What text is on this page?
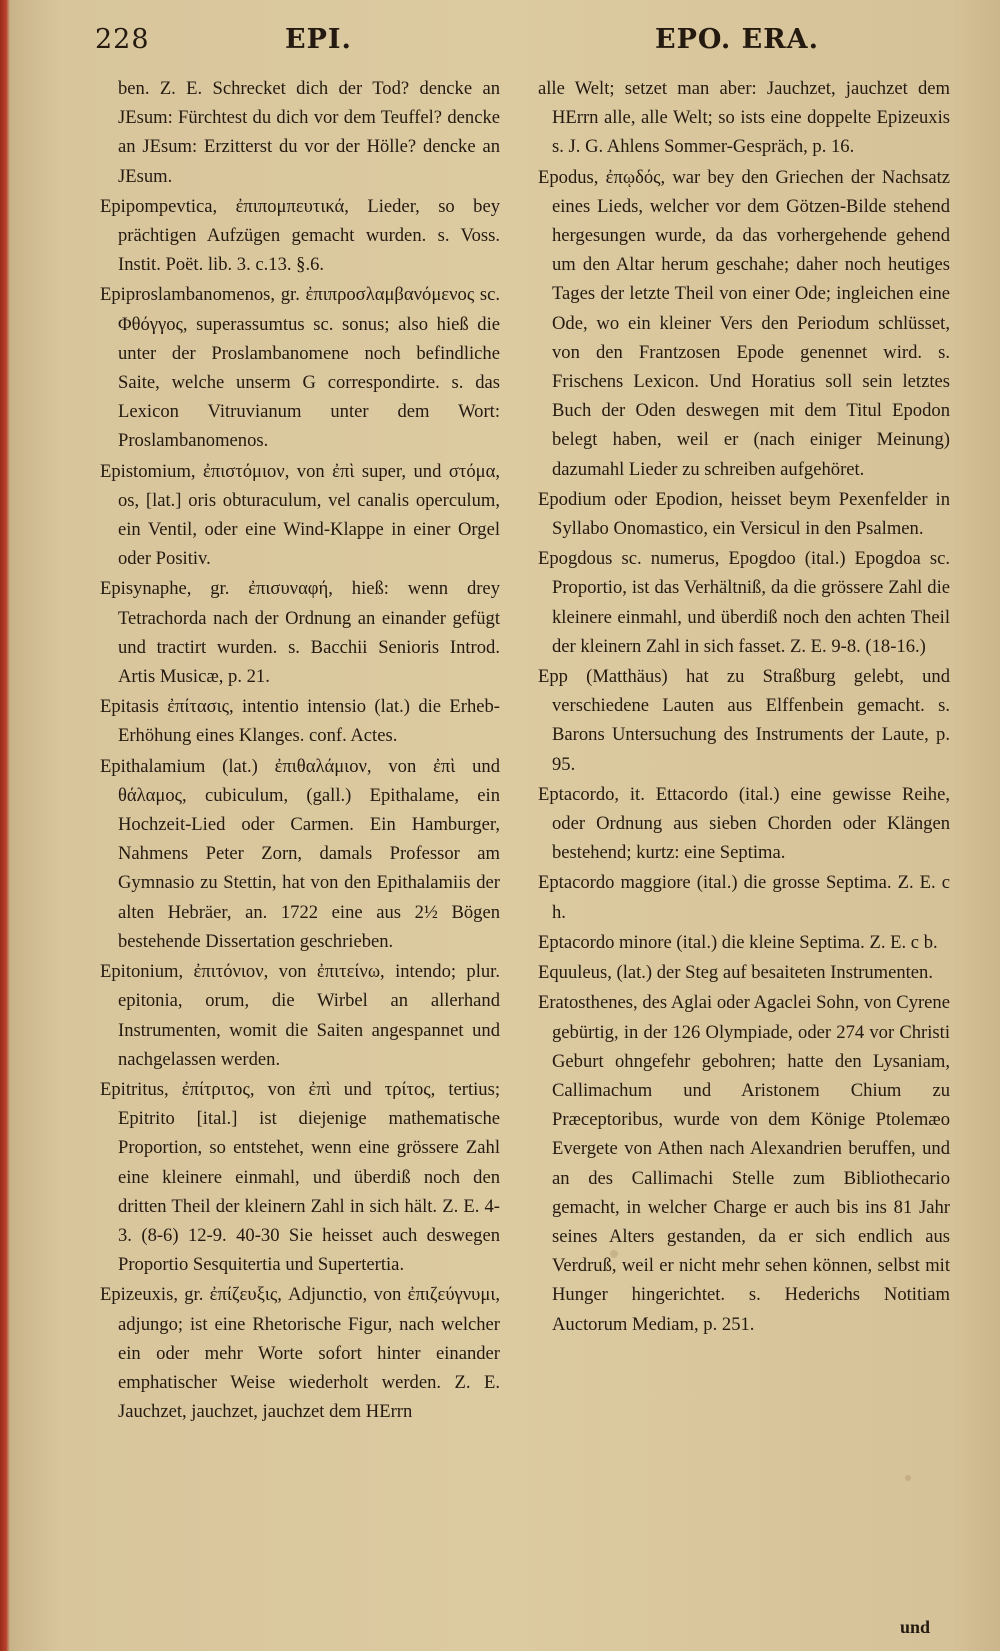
228	EPI.	EPO. ERA.
ben. Z. E. Schrecket dich der Tod? dencke an JEsum: Fürchtest du dich vor dem Teuffel? dencke an JEsum: Erzitterst du vor der Hölle? dencke an JEsum.
Epipompevtica, ἐπιπομπευτικά, Lieder, so bey prächtigen Aufzügen gemacht wurden. s. Voss. Instit. Poët. lib. 3. c.13. §.6.
Epiproslambanomenos, gr. ἐπιπροσλαμβανόμενος sc. Φθόγγος, superassumtus sc. sonus; also hieß die unter der Proslambanomene noch befindliche Saite, welche unserm G correspondirte. s. das Lexicon Vitruvianum unter dem Wort: Proslambanomenos.
Epistomium, ἐπιστόμιον, von ἐπὶ super, und στόμα, os, [lat.] oris obturaculum, vel canalis operculum, ein Ventil, oder eine Wind-Klappe in einer Orgel oder Positiv.
Episynaphe, gr. ἐπισυναφή, hieß: wenn drey Tetrachorda nach der Ordnung an einander gefügt und tractirt wurden. s. Bacchii Senioris Introd. Artis Musicæ, p. 21.
Epitasis ἐπίτασις, intentio intensio (lat.) die Erheb- Erhöhung eines Klanges. conf. Actes.
Epithalamium (lat.) ἐπιθαλάμιον, von ἐπὶ und θάλαμος, cubiculum, (gall.) Epithalame, ein Hochzeit-Lied oder Carmen. Ein Hamburger, Nahmens Peter Zorn, damals Professor am Gymnasio zu Stettin, hat von den Epithalamiis der alten Hebräer, an. 1722 eine aus 2½ Bögen bestehende Dissertation geschrieben.
Epitonium, ἐπιτόνιον, von ἐπιτείνω, intendo; plur. epitonia, orum, die Wirbel an allerhand Instrumenten, womit die Saiten angespannet und nachgelassen werden.
Epitritus, ἐπίτριτος, von ἐπὶ und τρίτος, tertius; Epitrito [ital.] ist diejenige mathematische Proportion, so entstehet, wenn eine grössere Zahl eine kleinere einmahl, und überdiß noch den dritten Theil der kleinern Zahl in sich hält. Z. E. 4-3. (8-6) 12-9. 40-30 Sie heisset auch deswegen Proportio Sesquitertia und Supertertia.
Epizeuxis, gr. ἐπίζευξις, Adjunctio, von ἐπιζεύγνυμι, adjungo; ist eine Rhetorische Figur, nach welcher ein oder mehr Worte sofort hinter einander emphatischer Weise wiederholt werden. Z. E. Jauchzet, jauchzet, jauchzet dem HErrn
alle Welt; setzet man aber: Jauchzet, jauchzet dem HErrn alle, alle Welt; so ists eine doppelte Epizeuxis s. J. G. Ahlens Sommer-Gespräch, p. 16.
Epodus, ἐπῳδός, war bey den Griechen der Nachsatz eines Lieds, welcher vor dem Götzen-Bilde stehend hergesungen wurde, da das vorhergehende gehend um den Altar herum geschahe; daher noch heutiges Tages der letzte Theil von einer Ode; ingleichen eine Ode, wo ein kleiner Vers den Periodum schlüsset, von den Frantzosen Epode genennet wird. s. Frischens Lexicon. Und Horatius soll sein letztes Buch der Oden deswegen mit dem Titul Epodon belegt haben, weil er (nach einiger Meinung) dazumahl Lieder zu schreiben aufgehöret.
Epodium oder Epodion, heisset beym Pexenfelder in Syllabo Onomastico, ein Versicul in den Psalmen.
Epogdous sc. numerus, Epogdoo (ital.) Epogdoa sc. Proportio, ist das Verhältniß, da die grössere Zahl die kleinere einmahl, und überdiß noch den achten Theil der kleinern Zahl in sich fasset. Z. E. 9-8. (18-16.)
Epp (Matthäus) hat zu Straßburg gelebt, und verschiedene Lauten aus Elffenbein gemacht. s. Barons Untersuchung des Instruments der Laute, p. 95.
Eptacordo, it. Ettacordo (ital.) eine gewisse Reihe, oder Ordnung aus sieben Chorden oder Klängen bestehend; kurtz: eine Septima.
Eptacordo maggiore (ital.) die grosse Septima. Z. E. c h.
Eptacordo minore (ital.) die kleine Septima. Z. E. c b.
Equuleus, (lat.) der Steg auf besaiteten Instrumenten.
Eratosthenes, des Aglai oder Agaclei Sohn, von Cyrene gebürtig, in der 126 Olympiade, oder 274 vor Christi Geburt ohngefehr gebohren; hatte den Lysaniam, Callimachum und Aristonem Chium zu Præceptoribus, wurde von dem Könige Ptolemæo Evergete von Athen nach Alexandrien beruffen, und an des Callimachi Stelle zum Bibliothecario gemacht, in welcher Charge er auch bis ins 81 Jahr seines Alters gestanden, da er sich endlich aus Verdruß, weil er nicht mehr sehen können, selbst mit Hunger hingerichtet. s. Hederichs Notitiam Auctorum Mediam, p. 251.
und
